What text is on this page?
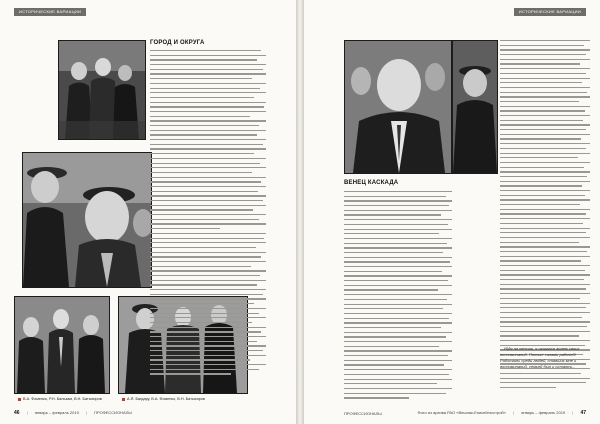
ИСТОРИЧЕСКИЕ ВАРИАЦИИ
ГОРОД И ОКРУГА
В.А. Фоменко, Р.Н. Бальзам, В.Н. Батыхиров	А.Я. Багдару, В.А. Фоменко, В.Н. Батыхиров
46 | январь – февраль 2019 | ПРОФЕССИОНАЛЫ
ИСТОРИЧЕСКИЕ ВАРИАЦИИ
ВЕНЕЦ КАСКАДА
...Уйдя на пенсию, я оказался волею своих воспоминаний. Полные силами рабочей! Работать среди людей, ставших мне и воспоминаний, семьей был и остаюсь...
Фото из архива РАО «Вешняк-Енисейгэсстрой» | январь – февраль 2019 | 47
ПРОФЕССИОНАЛЫ
